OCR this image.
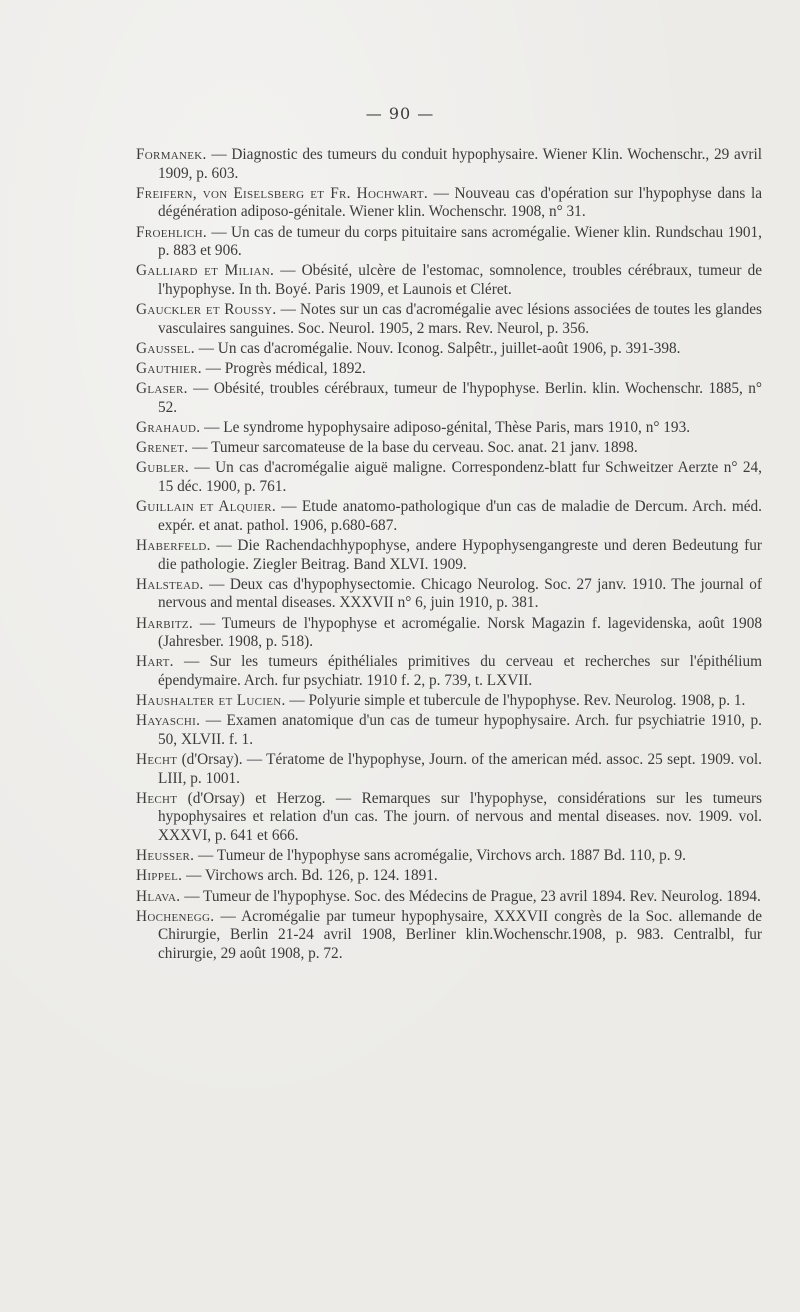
— 90 —
Formanek. — Diagnostic des tumeurs du conduit hypophysaire. Wiener Klin. Wochenschr., 29 avril 1909, p. 603.
Freifern, von Eiselsberg et Fr. Hochwart. — Nouveau cas d'opération sur l'hypophyse dans la dégénération adiposo-génitale. Wiener klin. Wochenschr. 1908, n° 31.
Froehlich. — Un cas de tumeur du corps pituitaire sans acromégalie. Wiener klin. Rundschau 1901, p. 883 et 906.
Galliard et Milian. — Obésité, ulcère de l'estomac, somnolence, troubles cérébraux, tumeur de l'hypophyse. In th. Boyé. Paris 1909, et Launois et Cléret.
Gauckler et Roussy. — Notes sur un cas d'acromégalie avec lésions associées de toutes les glandes vasculaires sanguines. Soc. Neurol. 1905, 2 mars. Rev. Neurol, p. 356.
Gaussel. — Un cas d'acromégalie. Nouv. Iconog. Salpêtr., juillet-août 1906, p. 391-398.
Gauthier. — Progrès médical, 1892.
Glaser. — Obésité, troubles cérébraux, tumeur de l'hypophyse. Berlin. klin. Wochenschr. 1885, n° 52.
Grahaud. — Le syndrome hypophysaire adiposo-génital, Thèse Paris, mars 1910, n° 193.
Grenet. — Tumeur sarcomateuse de la base du cerveau. Soc. anat. 21 janv. 1898.
Gubler. — Un cas d'acromégalie aiguë maligne. Correspondenz-blatt fur Schweitzer Aerzte n° 24, 15 déc. 1900, p. 761.
Guillain et Alquier. — Etude anatomo-pathologique d'un cas de maladie de Dercum. Arch. méd. expér. et anat. pathol. 1906, p.680-687.
Haberfeld. — Die Rachendachhypophyse, andere Hypophysengangreste und deren Bedeutung fur die pathologie. Ziegler Beitrag. Band XLVI. 1909.
Halstead. — Deux cas d'hypophysectomie. Chicago Neurolog. Soc. 27 janv. 1910. The journal of nervous and mental diseases. XXXVII n° 6, juin 1910, p. 381.
Harbitz. — Tumeurs de l'hypophyse et acromégalie. Norsk Magazin f. lagevidenska, août 1908 (Jahresber. 1908, p. 518).
Hart. — Sur les tumeurs épithéliales primitives du cerveau et recherches sur l'épithélium épendymaire. Arch. fur psychiatr. 1910 f. 2, p. 739, t. LXVII.
Haushalter et Lucien. — Polyurie simple et tubercule de l'hypophyse. Rev. Neurolog. 1908, p. 1.
Hayaschi. — Examen anatomique d'un cas de tumeur hypophysaire. Arch. fur psychiatrie 1910, p. 50, XLVII. f. 1.
Hecht (d'Orsay). — Tératome de l'hypophyse, Journ. of the american méd. assoc. 25 sept. 1909. vol. LIII, p. 1001.
Hecht (d'Orsay) et Herzog. — Remarques sur l'hypophyse, considérations sur les tumeurs hypophysaires et relation d'un cas. The journ. of nervous and mental diseases. nov. 1909. vol. XXXVI, p. 641 et 666.
Heusser. — Tumeur de l'hypophyse sans acromégalie, Virchovs arch. 1887 Bd. 110, p. 9.
Hippel. — Virchows arch. Bd. 126, p. 124. 1891.
Hlava. — Tumeur de l'hypophyse. Soc. des Médecins de Prague, 23 avril 1894. Rev. Neurolog. 1894.
Hochenegg. — Acromégalie par tumeur hypophysaire, XXXVII congrès de la Soc. allemande de Chirurgie, Berlin 21-24 avril 1908, Berliner klin.Wochenschr.1908, p. 983. Centralbl, fur chirurgie, 29 août 1908, p. 72.
